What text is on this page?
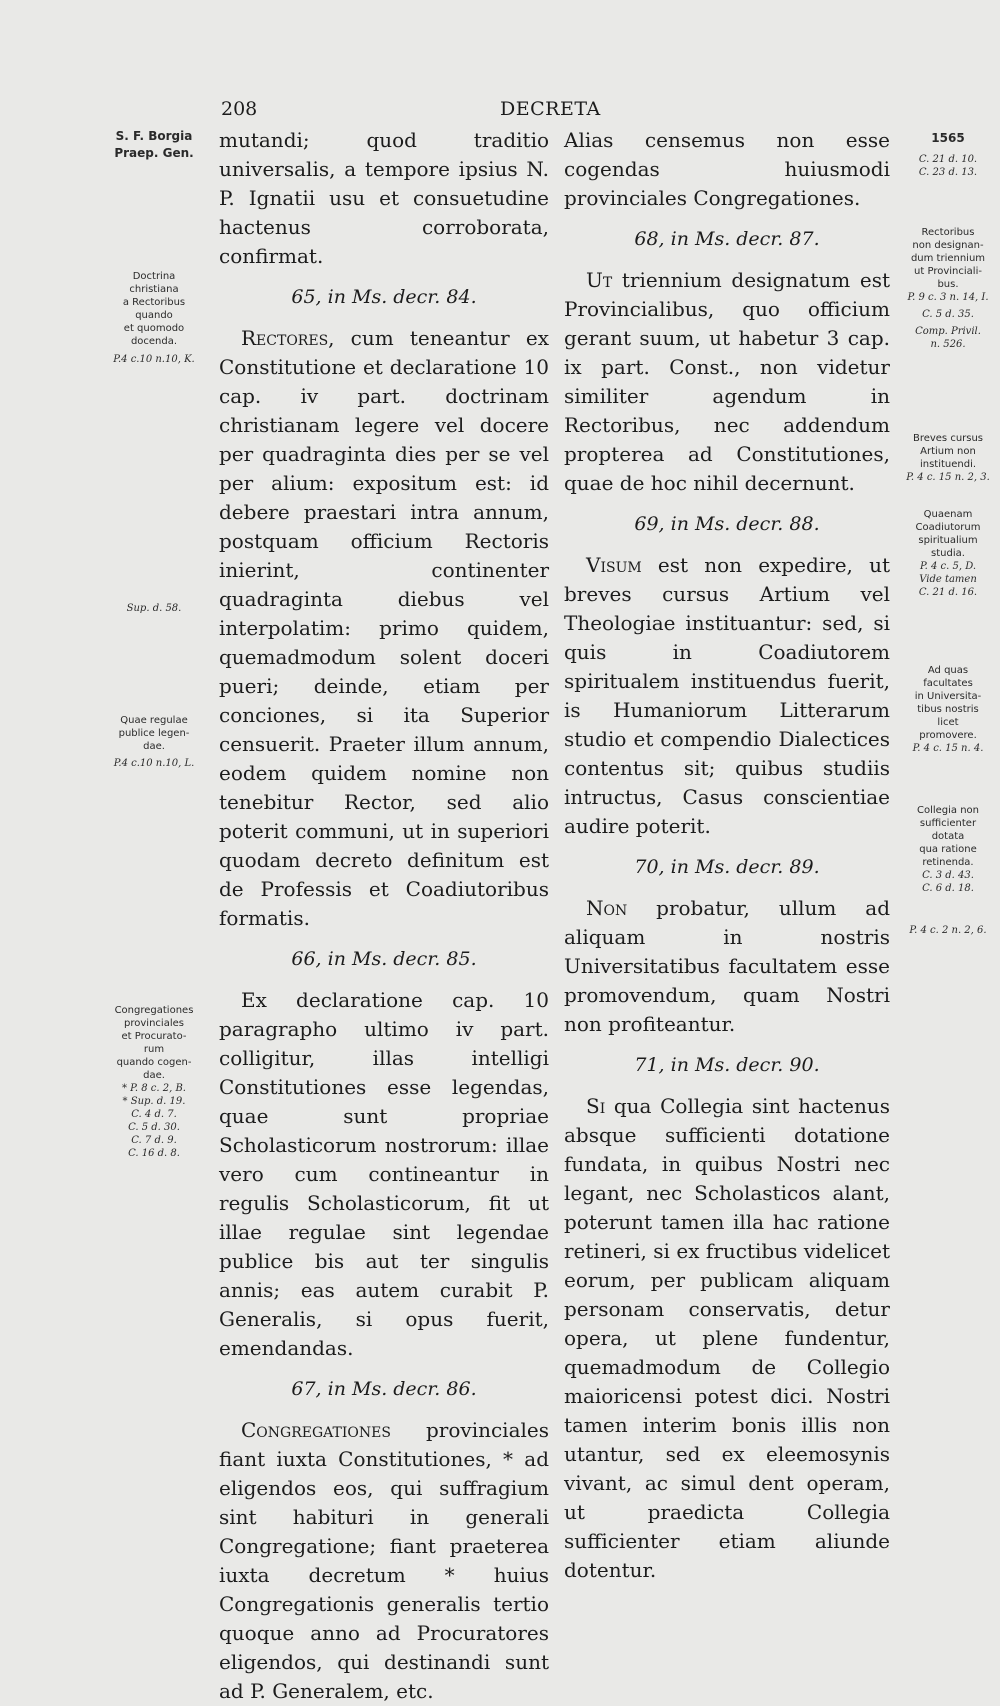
208	DECRETA
S. F. Borgia
Praep. Gen.
Doctrina
christiana
a Rectoribus
quando
et quomodo
docenda.
P.4 c.10 n.10, K.
Sup. d. 58.
Quae regulae
publice legen-
dae.
P.4 c.10 n.10, L.
Congregationes
provinciales
et Procurato-
rum
quando cogen-
dae.
* P. 8 c. 2, B.
* Sup. d. 19.
C. 4 d. 7.
C. 5 d. 30.
C. 7 d. 9.
C. 16 d. 8.
1565
C. 21 d. 10.
C. 23 d. 13.
Rectoribus
non designan-
dum triennium
ut Provinciali-
bus.
P. 9 c. 3 n. 14, I.
C. 5 d. 35.
Comp. Privil.
n. 526.
Breves cursus
Artium non
instituendi.
P. 4 c. 15 n. 2, 3.
Quaenam
Coadiutorum
spiritualium
studia.
P. 4 c. 5, D.
Vide tamen
C. 21 d. 16.
Ad quas
facultates
in Universita-
tibus nostris
licet
promovere.
P. 4 c. 15 n. 4.
Collegia non
sufficienter
dotata
qua ratione
retinenda.
C. 3 d. 43.
C. 6 d. 18.
P. 4 c. 2 n. 2, 6.

mutandi; quod traditio universalis, a tempore ipsius N. P. Ignatii usu et consuetudine hactenus corroborata, confirmat.

65, in Ms. decr. 84.

Rectores, cum teneantur ex Constitutione et declaratione 10 cap. iv part. doctrinam christianam legere vel docere per quadraginta dies per se vel per alium: expositum est: id debere praestari intra annum, postquam officium Rectoris inierint, continenter quadraginta diebus vel interpolatim: primo quidem, quemadmodum solent doceri pueri; deinde, etiam per conciones, si ita Superior censuerit. Praeter illum annum, eodem quidem nomine non tenebitur Rector, sed alio poterit communi, ut in superiori quodam decreto definitum est de Professis et Coadiutoribus formatis.

66, in Ms. decr. 85.

Ex declaratione cap. 10 paragrapho ultimo iv part. colligitur, illas intelligi Constitutiones esse legendas, quae sunt propriae Scholasticorum nostrorum: illae vero cum contineantur in regulis Scholasticorum, fit ut illae regulae sint legendae publice bis aut ter singulis annis; eas autem curabit P. Generalis, si opus fuerit, emendandas.

67, in Ms. decr. 86.

Congregationes provinciales fiant iuxta Constitutiones, * ad eligendos eos, qui suffragium sint habituri in generali Congregatione; fiant praeterea iuxta decretum * huius Congregationis generalis tertio quoque anno ad Procuratores eligendos, qui destinandi sunt ad P. Generalem, etc.

Alias censemus non esse cogendas huiusmodi provinciales Congregationes.

68, in Ms. decr. 87.

Ut triennium designatum est Provincialibus, quo officium gerant suum, ut habetur 3 cap. ix part. Const., non videtur similiter agendum in Rectoribus, nec addendum propterea ad Constitutiones, quae de hoc nihil decernunt.

69, in Ms. decr. 88.

Visum est non expedire, ut breves cursus Artium vel Theologiae instituantur: sed, si quis in Coadiutorem spiritualem instituendus fuerit, is Humaniorum Litterarum studio et compendio Dialectices contentus sit; quibus studiis intructus, Casus conscientiae audire poterit.

70, in Ms. decr. 89.

Non probatur, ullum ad aliquam in nostris Universitatibus facultatem esse promovendum, quam Nostri non profiteantur.

71, in Ms. decr. 90.

Si qua Collegia sint hactenus absque sufficienti dotatione fundata, in quibus Nostri nec legant, nec Scholasticos alant, poterunt tamen illa hac ratione retineri, si ex fructibus videlicet eorum, per publicam aliquam personam conservatis, detur opera, ut plene fundentur, quemadmodum de Collegio maioricensi potest dici. Nostri tamen interim bonis illis non utantur, sed ex eleemosynis vivant, ac simul dent operam, ut praedicta Collegia sufficienter etiam aliunde dotentur.
